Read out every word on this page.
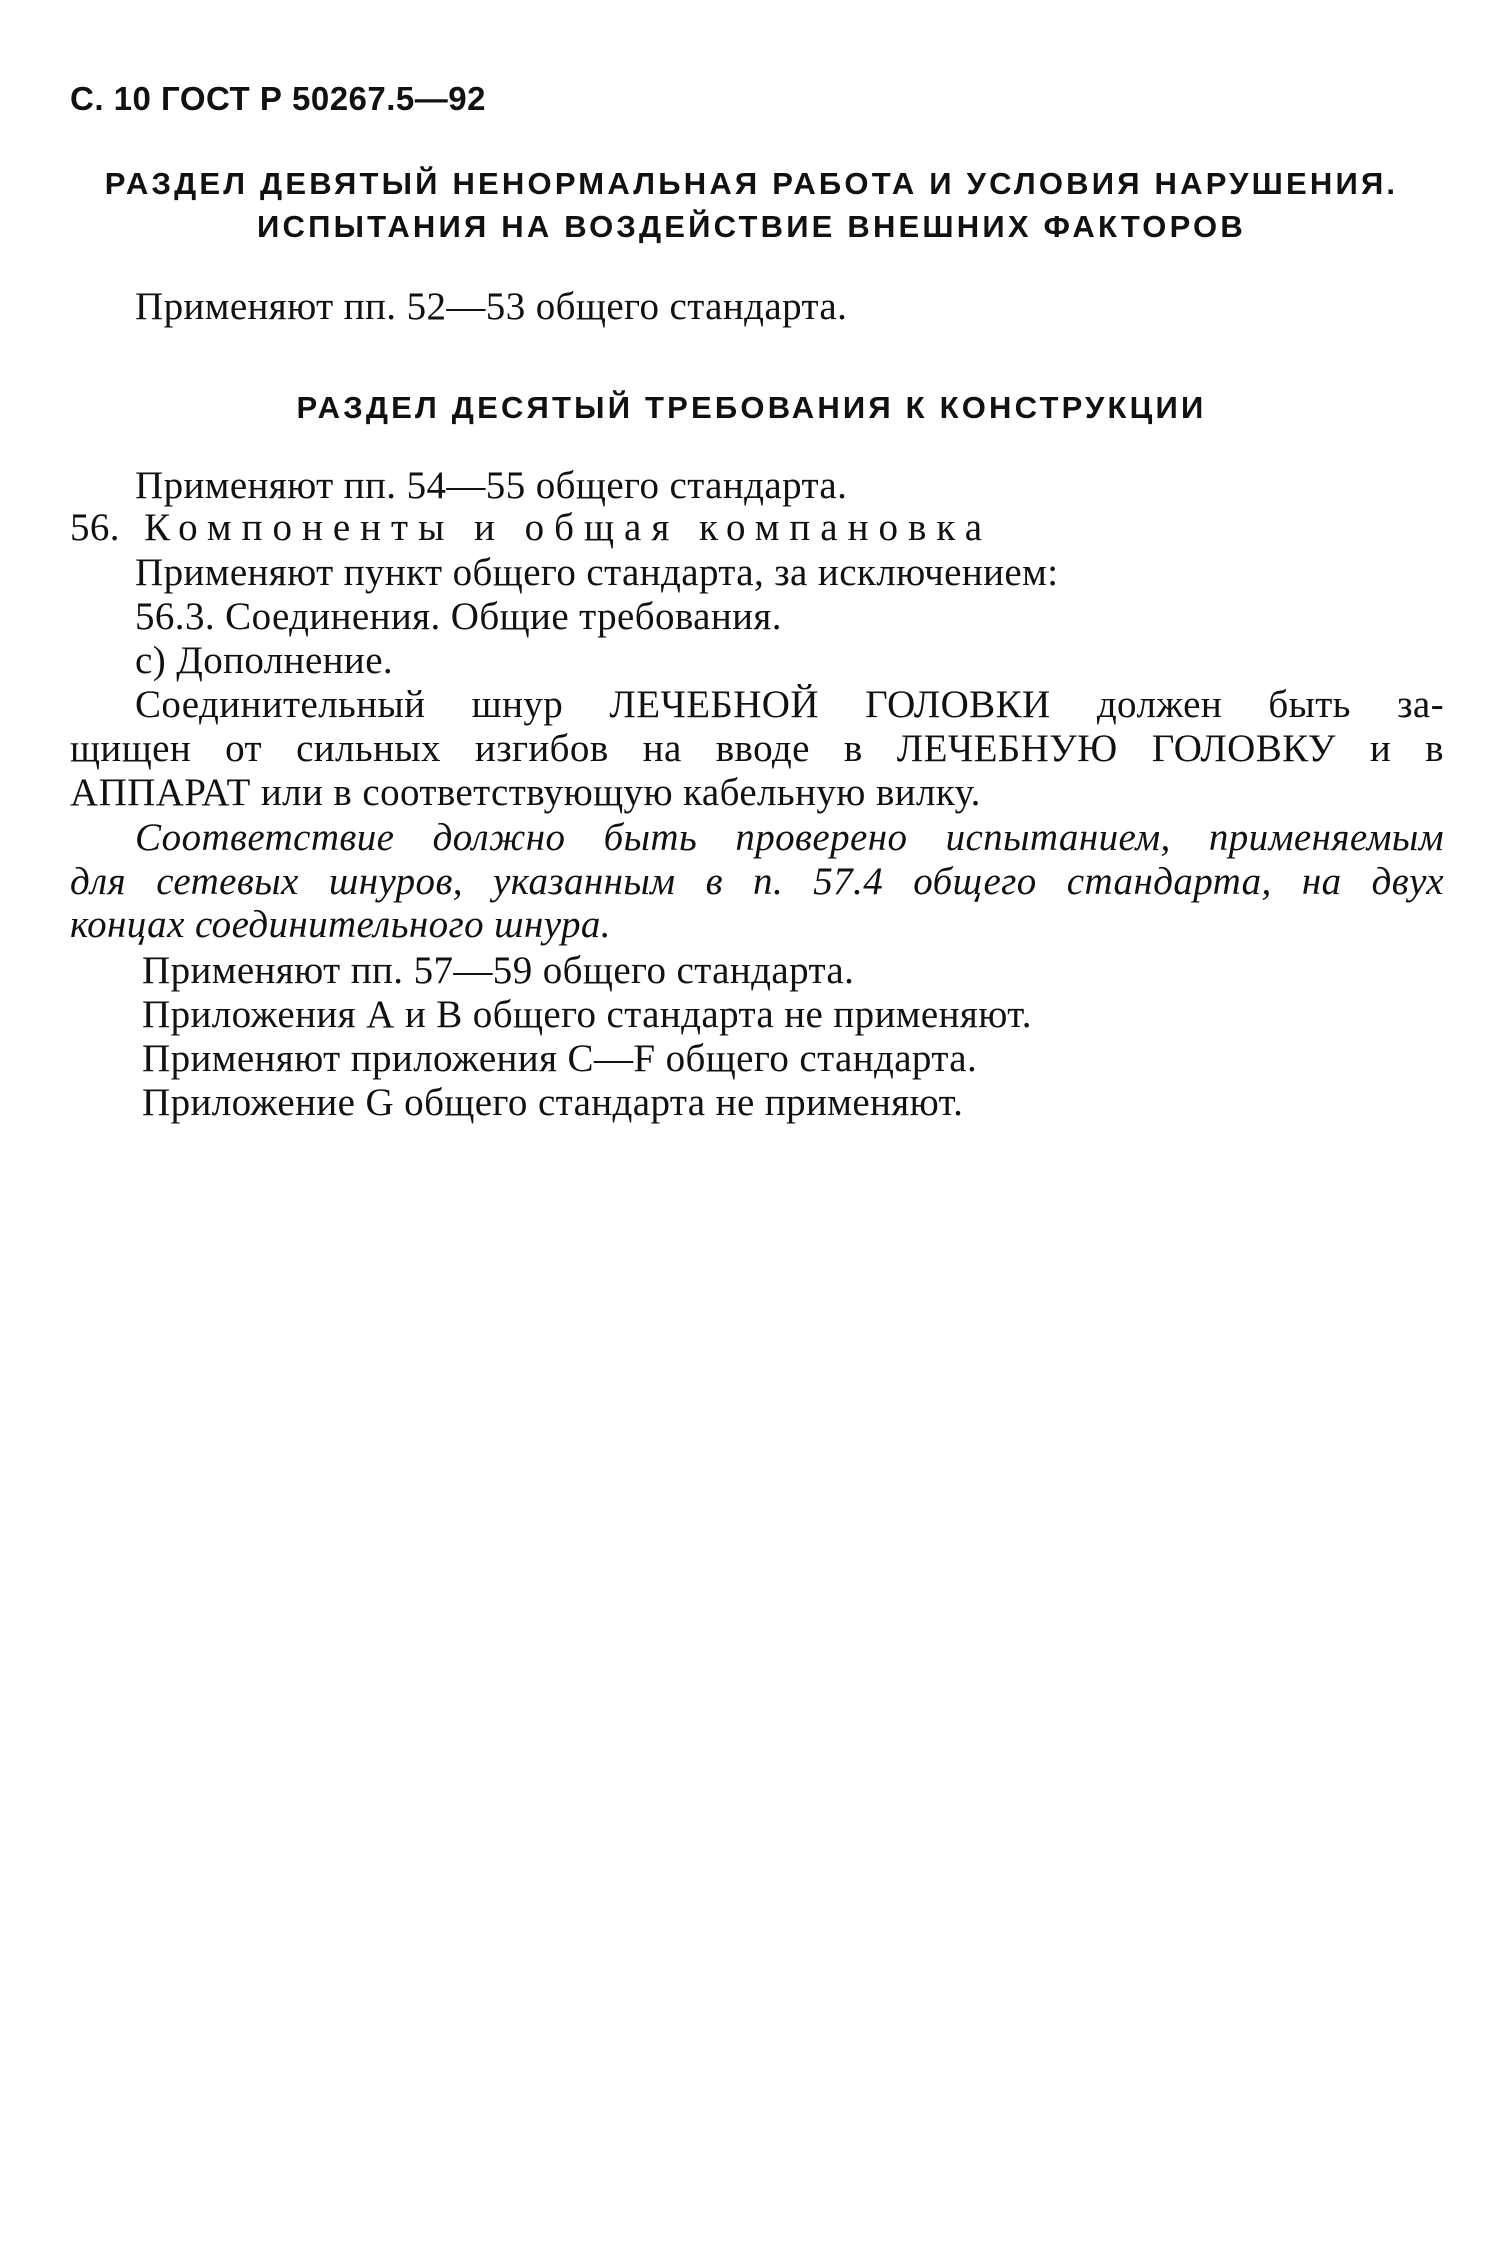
С. 10 ГОСТ Р 50267.5—92
РАЗДЕЛ ДЕВЯТЫЙ НЕНОРМАЛЬНАЯ РАБОТА И УСЛОВИЯ НАРУШЕНИЯ.
ИСПЫТАНИЯ НА ВОЗДЕЙСТВИЕ ВНЕШНИХ ФАКТОРОВ
Применяют пп. 52—53 общего стандарта.
РАЗДЕЛ ДЕСЯТЫЙ ТРЕБОВАНИЯ К КОНСТРУКЦИИ
Применяют пп. 54—55 общего стандарта.
56. Компоненты и общая компановка
Применяют пункт общего стандарта, за исключением:
56.3. Соединения. Общие требования.
с) Дополнение.
Соединительный шнур ЛЕЧЕБНОЙ ГОЛОВКИ должен быть за-
щищен от сильных изгибов на вводе в ЛЕЧЕБНУЮ ГОЛОВКУ и в
АППАРАТ или в соответствующую кабельную вилку.
Соответствие должно быть проверено испытанием, применяемым
для сетевых шнуров, указанным в п. 57.4 общего стандарта, на двух
концах соединительного шнура.
Применяют пп. 57—59 общего стандарта.
Приложения А и В общего стандарта не применяют.
Применяют приложения С—F общего стандарта.
Приложение G общего стандарта не применяют.
